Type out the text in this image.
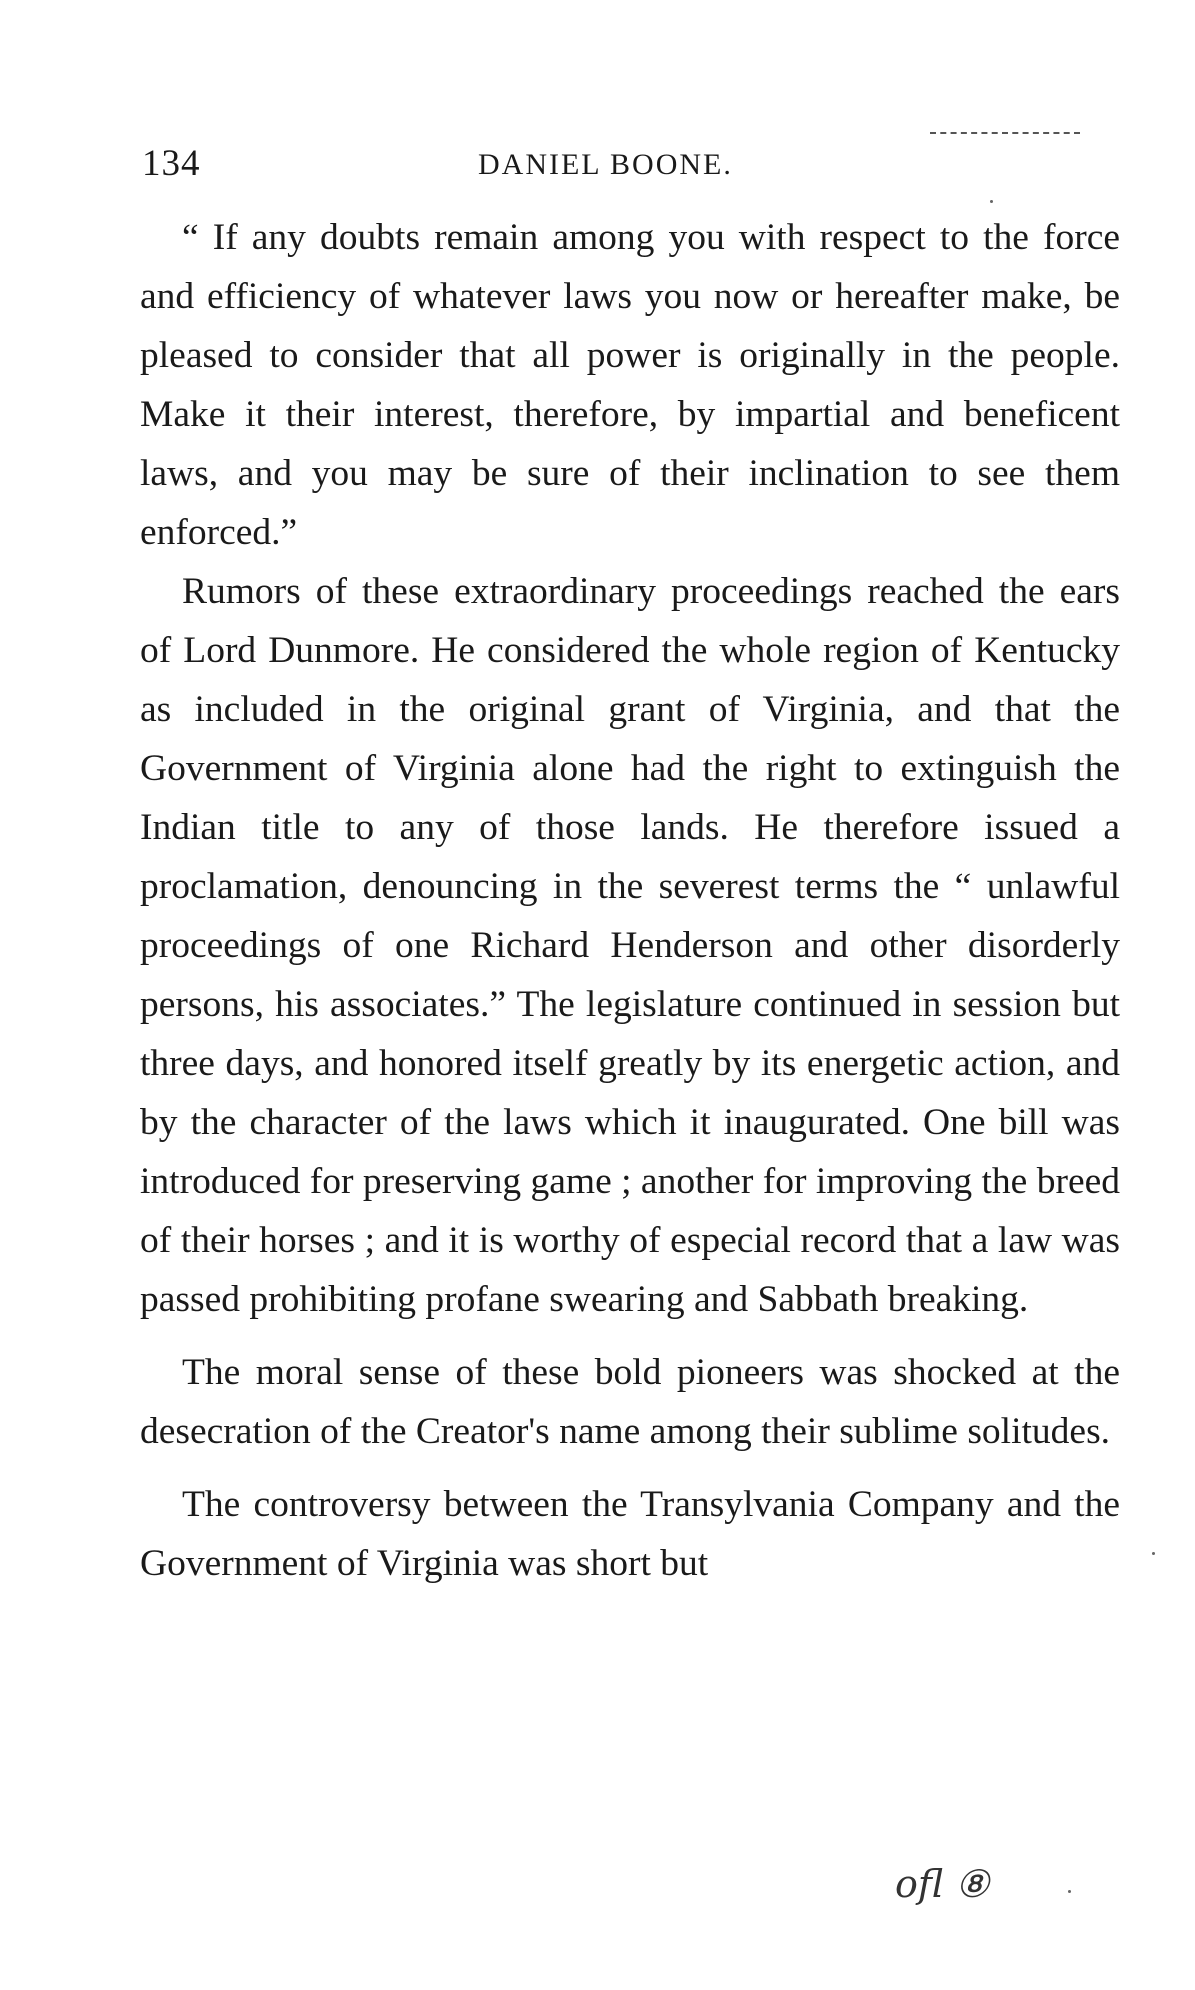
134	DANIEL BOONE.

“ If any doubts remain among you with respect to the force and efficiency of whatever laws you now or hereafter make, be pleased to consider that all power is originally in the people. Make it their interest, therefore, by impartial and beneficent laws, and you may be sure of their inclination to see them enforced.”

Rumors of these extraordinary proceedings reached the ears of Lord Dunmore. He considered the whole region of Kentucky as included in the original grant of Virginia, and that the Government of Virginia alone had the right to extinguish the Indian title to any of those lands. He therefore issued a proclamation, denouncing in the severest terms the “ unlawful proceedings of one Richard Henderson and other disorderly persons, his associates.” The legislature continued in session but three days, and honored itself greatly by its energetic action, and by the character of the laws which it inaugurated. One bill was introduced for preserving game ; another for improving the breed of their horses ; and it is worthy of especial record that a law was passed prohibiting profane swearing and Sabbath breaking.

The moral sense of these bold pioneers was shocked at the desecration of the Creator's name among their sublime solitudes.

The controversy between the Transylvania Company and the Government of Virginia was short but

ofl ⑧
